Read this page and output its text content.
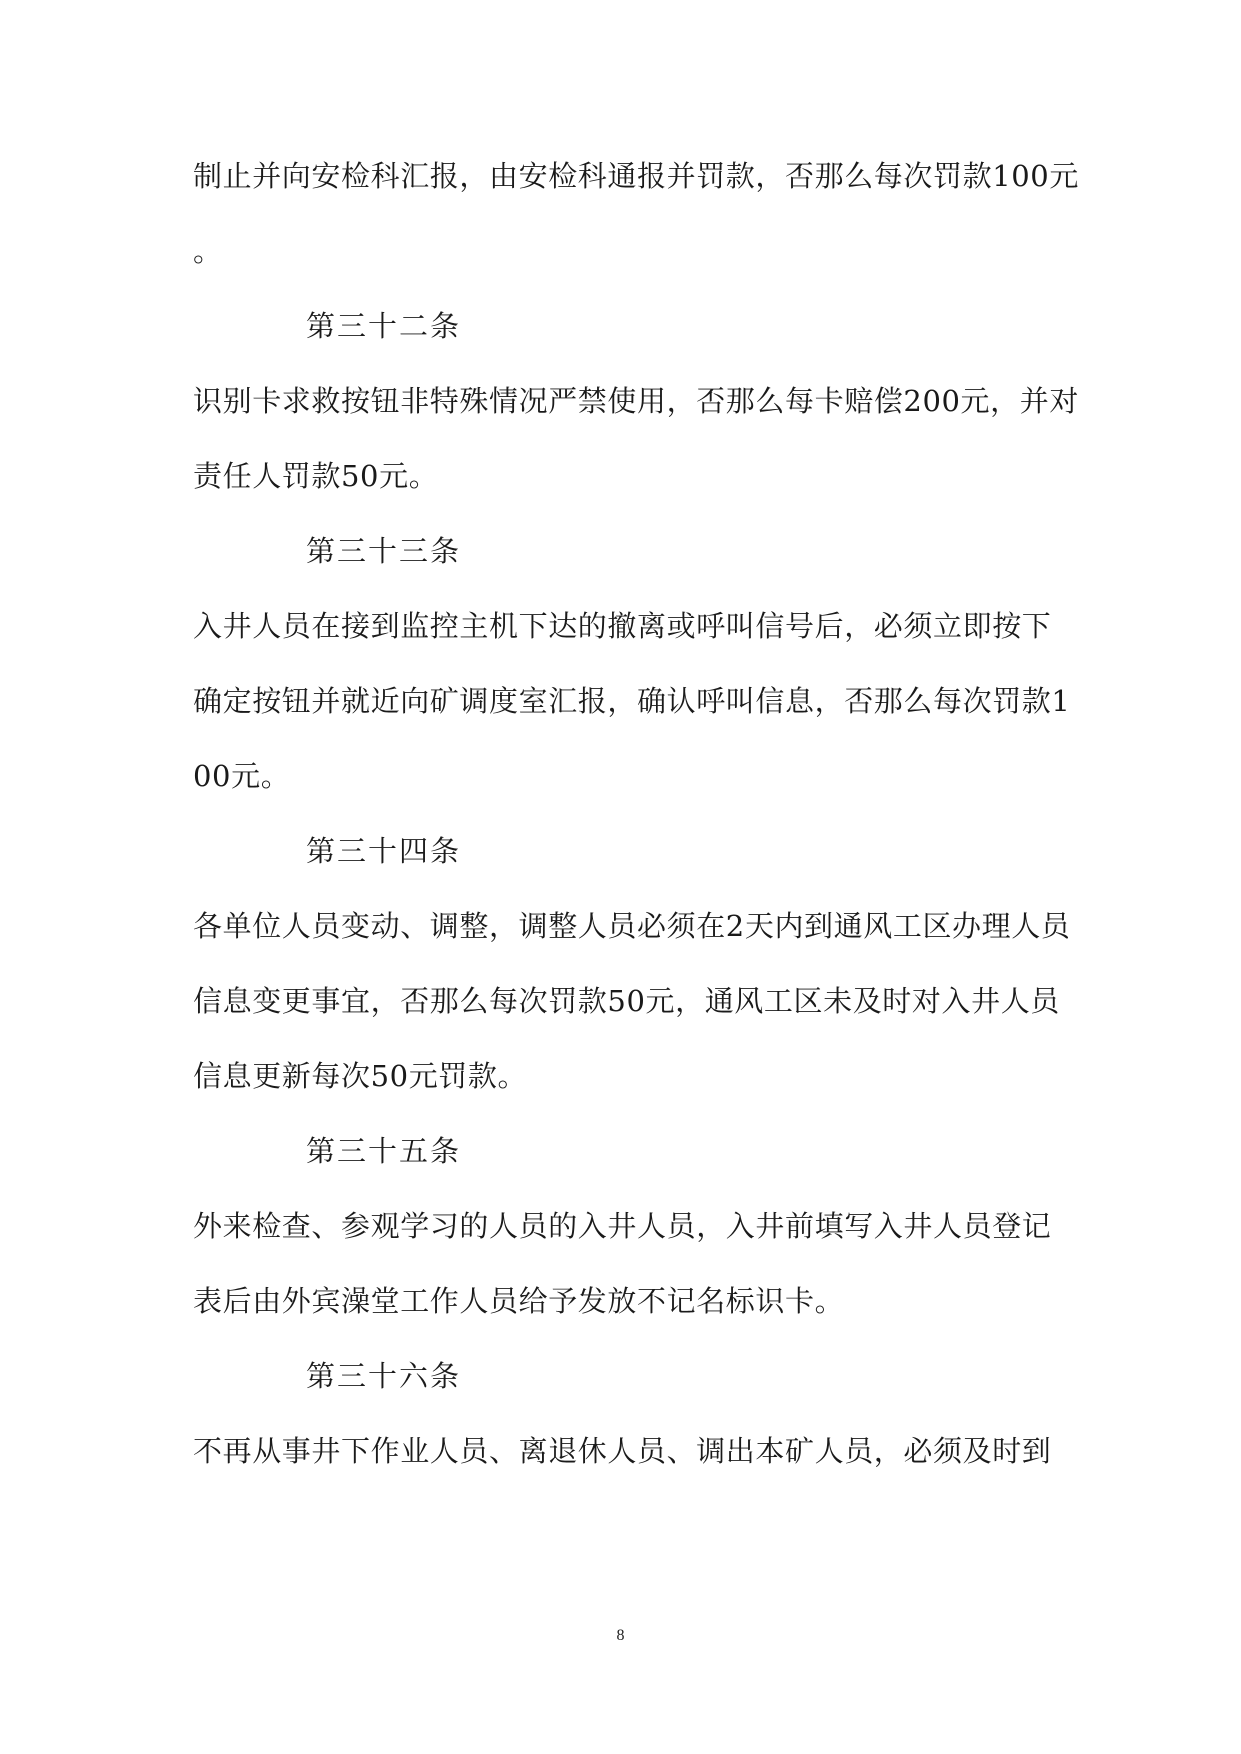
制止并向安检科汇报，由安检科通报并罚款，否那么每次罚款100元
。
第三十二条
识别卡求救按钮非特殊情况严禁使用，否那么每卡赔偿200元，并对
责任人罚款50元。
第三十三条
入井人员在接到监控主机下达的撤离或呼叫信号后，必须立即按下
确定按钮并就近向矿调度室汇报，确认呼叫信息，否那么每次罚款1
00元。
第三十四条
各单位人员变动、调整，调整人员必须在2天内到通风工区办理人员
信息变更事宜，否那么每次罚款50元，通风工区未及时对入井人员
信息更新每次50元罚款。
第三十五条
外来检查、参观学习的人员的入井人员，入井前填写入井人员登记
表后由外宾澡堂工作人员给予发放不记名标识卡。
第三十六条
不再从事井下作业人员、离退休人员、调出本矿人员，必须及时到
8
